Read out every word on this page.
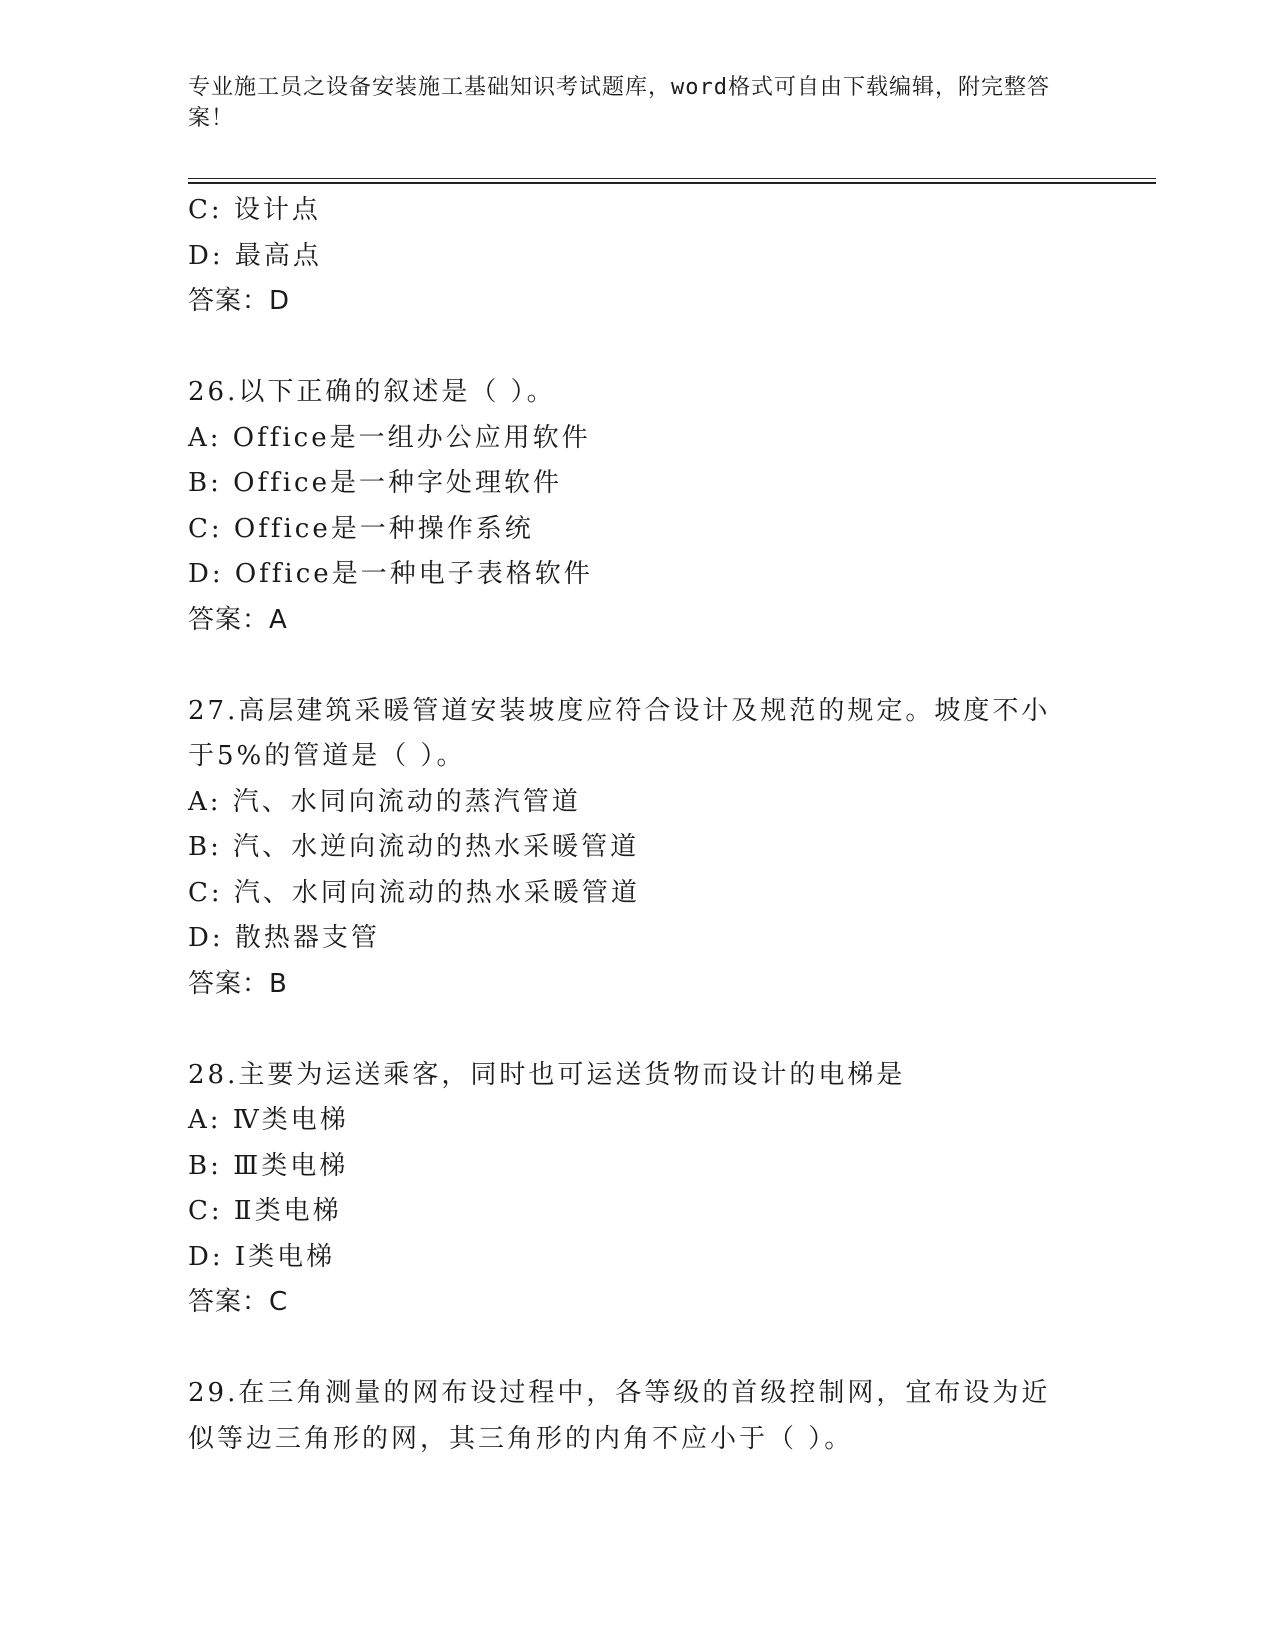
专业施工员之设备安装施工基础知识考试题库，word格式可自由下载编辑，附完整答案！
C: 设计点
D: 最高点
答案：D
26.以下正确的叙述是（ ）。
A: Office是一组办公应用软件
B: Office是一种字处理软件
C: Office是一种操作系统
D: Office是一种电子表格软件
答案：A
27.高层建筑采暖管道安装坡度应符合设计及规范的规定。坡度不小于5%的管道是（ ）。
A: 汽、水同向流动的蒸汽管道
B: 汽、水逆向流动的热水采暖管道
C: 汽、水同向流动的热水采暖管道
D: 散热器支管
答案：B
28.主要为运送乘客，同时也可运送货物而设计的电梯是
A: Ⅳ类电梯
B: Ⅲ类电梯
C: Ⅱ类电梯
D: Ⅰ类电梯
答案：C
29.在三角测量的网布设过程中，各等级的首级控制网，宜布设为近似等边三角形的网，其三角形的内角不应小于（ ）。
